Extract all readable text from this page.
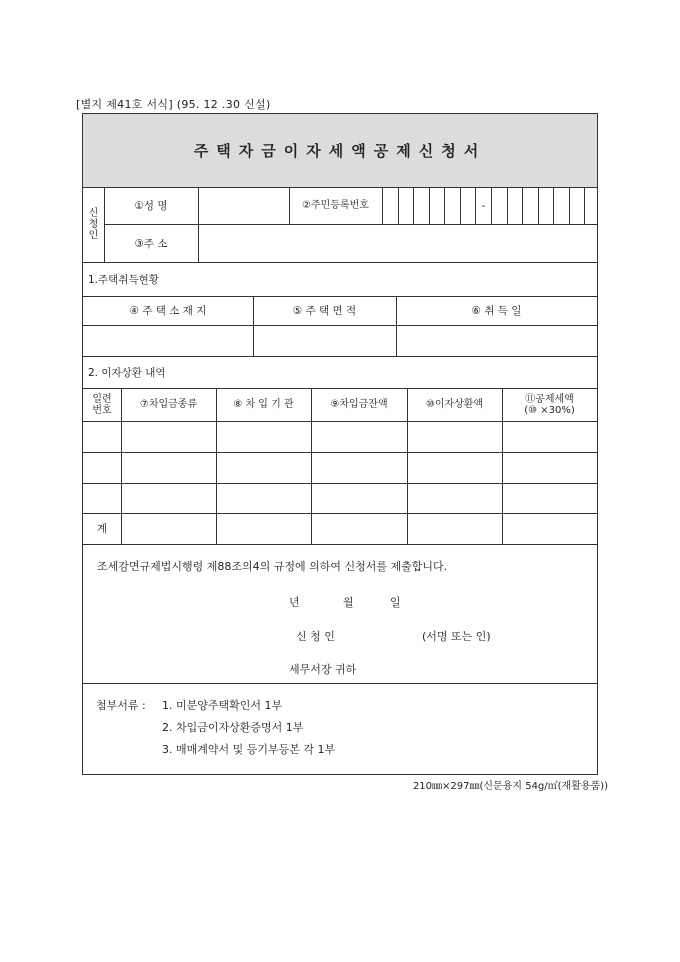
[별지 제41호 서식] (95. 12 .30 신설)
주택자금이자세액공제신청서
신
청
인
①성 명	②주민등록번호	-
③주 소
1.주택취득현황
④ 주 택 소 재 지	⑤ 주 택 면 적	⑥ 취 득 일
2. 이자상환 내역
일련
번호	⑦차입금종류	⑧ 차 입 기 관	⑨차입금잔액	⑩이자상환액	⑪공제세액
(⑩ ×30%)
계
조세감면규제법시행령 제88조의4의 규정에 의하여 신청서를 제출합니다.
년	월	일
신 청 인	(서명 또는 인)
세무서장 귀하
첨부서류 :	1. 미분양주택확인서 1부
2. 차입금이자상환증명서 1부
3. 매매계약서 및 등기부등본 각 1부
210㎜×297㎜(신문용지 54g/㎡(재활용품))
